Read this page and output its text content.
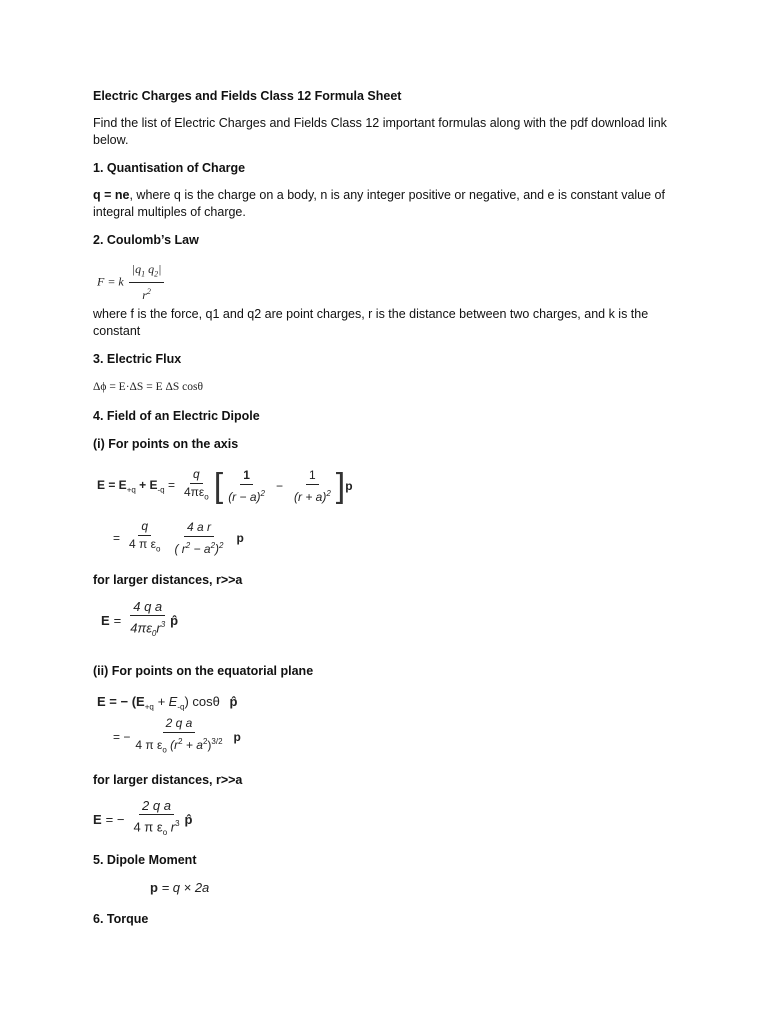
Electric Charges and Fields Class 12 Formula Sheet

Find the list of Electric Charges and Fields Class 12 important formulas along with the pdf download link below.

1. Quantisation of Charge

q = ne, where q is the charge on a body, n is any integer positive or negative, and e is constant value of integral multiples of charge.

2. Coulomb’s Law

F = k $\frac{|q_1 q_2|}{r^2}$

where f is the force, q1 and q2 are point charges, r is the distance between two charges, and k is the constant

3. Electric Flux

Δϕ = E·ΔS = E ΔS cosθ

4. Field of an Electric Dipole

(i) For points on the axis

$E = E_{+q} + E_{-q} = \frac{q}{4\pi\varepsilon_o}$ [ $\frac{1}{(r - a)^2} - \frac{1}{(r + a)^2}$ ] p
= $\frac{q}{4 \pi \varepsilon_o} \frac{\text{4 a r}}{( r^2 - a^2)^2}$ p

for larger distances, r>>a

$E = \frac{\text{4 q a}}{4\pi\varepsilon_0r^3}$ p̂

(ii) For points on the equatorial plane

E = − $(E_{+q} + E_{-q})$ cosθ p̂
= − $\frac{\text{2 q a}}{4 \pi \varepsilon_o (r^2 + a^2)^{3/2}}$ p

for larger distances, r>>a

E = − $\frac{\text{2 q a}}{4 \pi \varepsilon_o r^3}$ p̂

5. Dipole Moment

p = q × 2a

6. Torque
